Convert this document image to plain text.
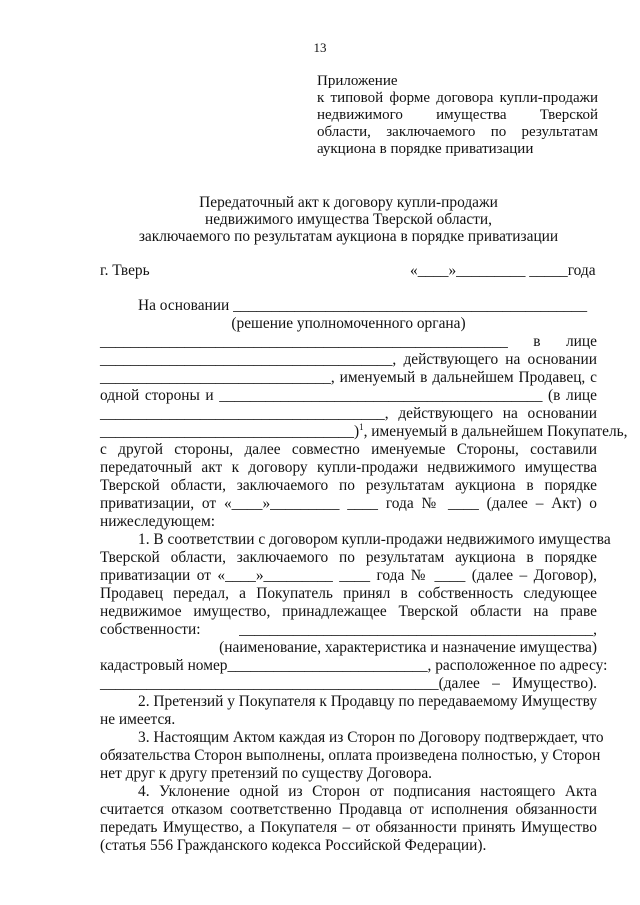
13
Приложение
к типовой форме договора купли-продажи
недвижимого имущества Тверской
области, заключаемого по результатам
аукциона в порядке приватизации
Передаточный акт к договору купли-продажи
недвижимого имущества Тверской области,
заключаемого по результатам аукциона в порядке приватизации
г. Тверь	«____»_________ _____года
На основании ______________________________________________
(решение уполномоченного органа)
_____________________________________________________ в лице
______________________________________, действующего на основании
______________________________, именуемый в дальнейшем Продавец, с
одной стороны и __________________________________________ (в лице
_____________________________________, действующего на основании
_________________________________)$^1$, именуемый в дальнейшем Покупатель,
с другой стороны, далее совместно именуемые Стороны, составили
передаточный акт к договору купли-продажи недвижимого имущества
Тверской области, заключаемого по результатам аукциона в порядке
приватизации, от «____»_________ ____ года № ____ (далее – Акт) о
нижеследующем:
1. В соответствии с договором купли-продажи недвижимого имущества
Тверской области, заключаемого по результатам аукциона в порядке
приватизации от «____»_________ ____ года № ____ (далее – Договор),
Продавец передал, а Покупатель принял в собственность следующее
недвижимое имущество, принадлежащее Тверской области на праве
собственности: ______________________________________________,
(наименование, характеристика и назначение имущества)
кадастровый номер__________________________, расположенное по адресу:
____________________________________________(далее – Имущество).
2. Претензий у Покупателя к Продавцу по передаваемому Имуществу
не имеется.
3. Настоящим Актом каждая из Сторон по Договору подтверждает, что
обязательства Сторон выполнены, оплата произведена полностью, у Сторон
нет друг к другу претензий по существу Договора.
4. Уклонение одной из Сторон от подписания настоящего Акта
считается отказом соответственно Продавца от исполнения обязанности
передать Имущество, а Покупателя – от обязанности принять Имущество
(статья 556 Гражданского кодекса Российской Федерации).
